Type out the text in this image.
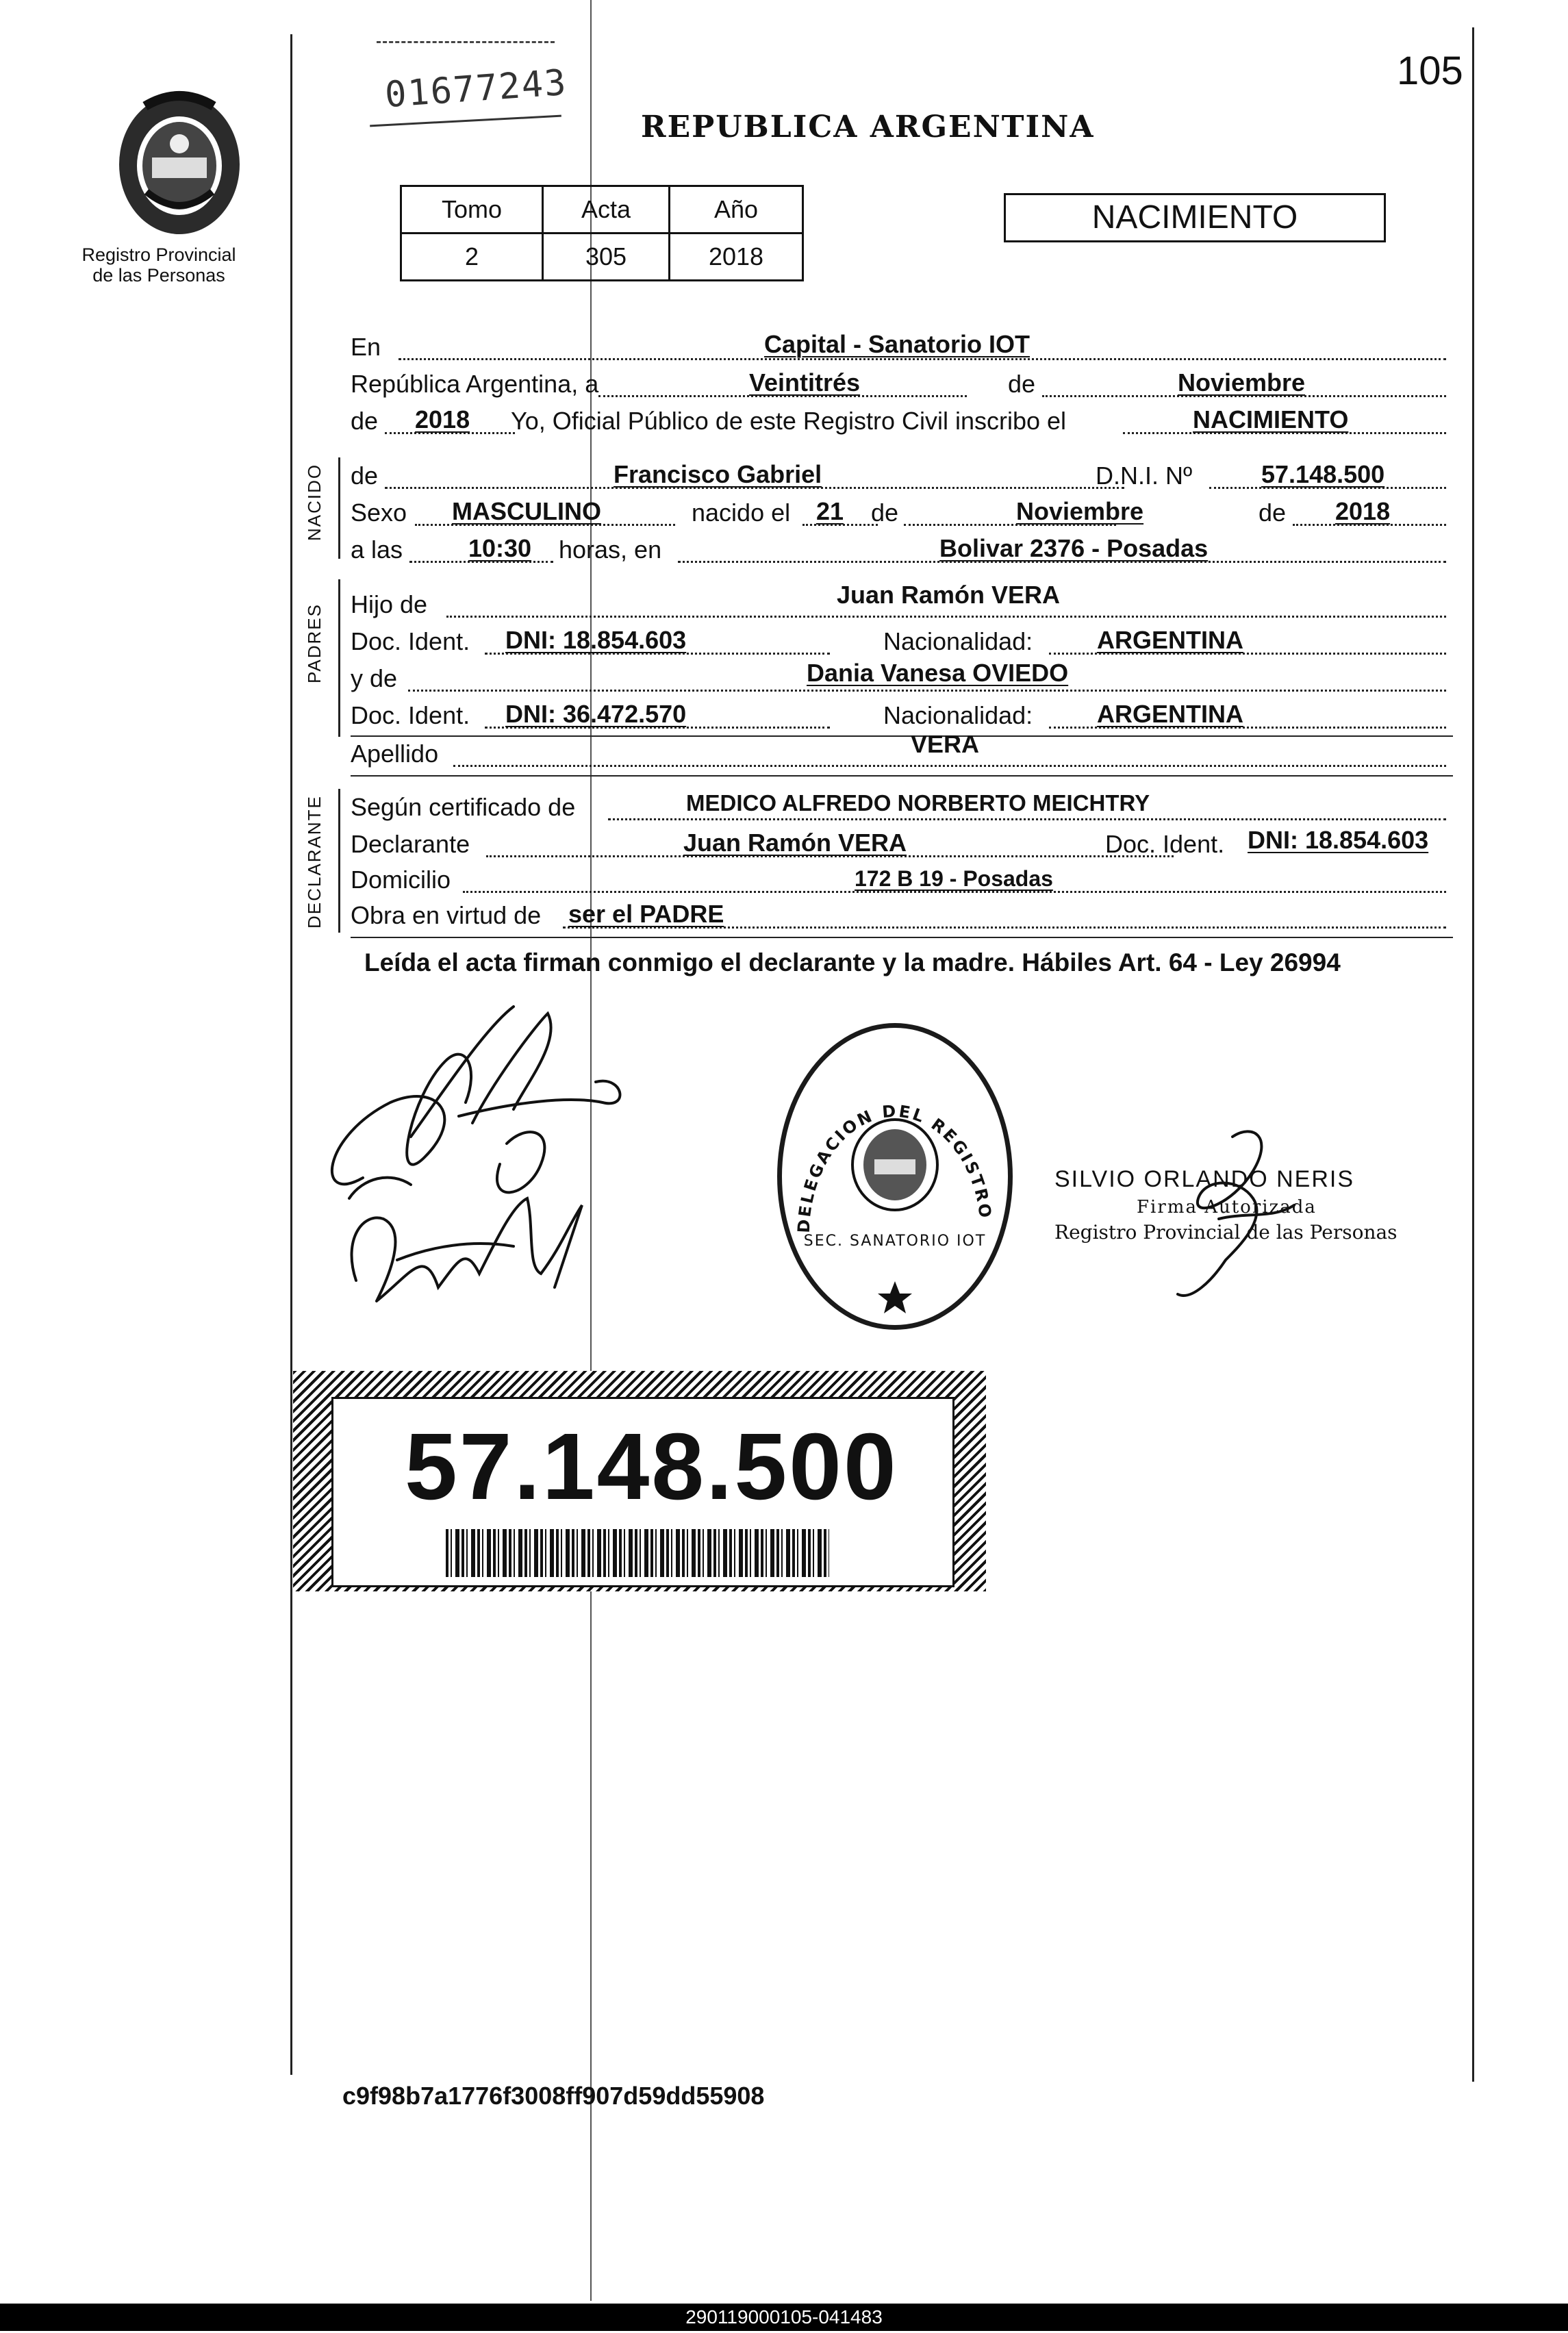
Registro Provincial
de las Personas
01677243
REPUBLICA ARGENTINA
105
Tomo	Acta	Año
2	305	2018
NACIMIENTO
NACIDO
PADRES
DECLARANTE
En	Capital - Sanatorio IOT
República Argentina, a	Veintitrés	de	Noviembre
de 2018 Yo, Oficial Público de este Registro Civil inscribo el	NACIMIENTO
de	Francisco Gabriel	D.N.I. Nº	57.148.500
Sexo MASCULINO	nacido el 21 de	Noviembre	de 2018
a las	10:30 horas, en	Bolivar 2376 - Posadas
Hijo de	Juan Ramón VERA
Doc. Ident. DNI: 18.854.603	Nacionalidad:	ARGENTINA
y de	Dania Vanesa OVIEDO
Doc. Ident. DNI: 36.472.570	Nacionalidad:	ARGENTINA
Apellido	VERA
Según certificado de	MEDICO ALFREDO NORBERTO MEICHTRY
Declarante	Juan Ramón VERA	Doc. Ident. DNI: 18.854.603
Domicilio	172 B 19 - Posadas
Obra en virtud de ser el PADRE
Leída el acta firman conmigo el declarante y la madre. Hábiles Art. 64 - Ley 26994
DELEGACION DEL REGISTRO
SEC. SANATORIO IOT
SILVIO ORLANDO NERIS
Firma Autorizada
Registro Provincial de las Personas
57.148.500
c9f98b7a1776f3008ff907d59dd55908
290119000105-041483
